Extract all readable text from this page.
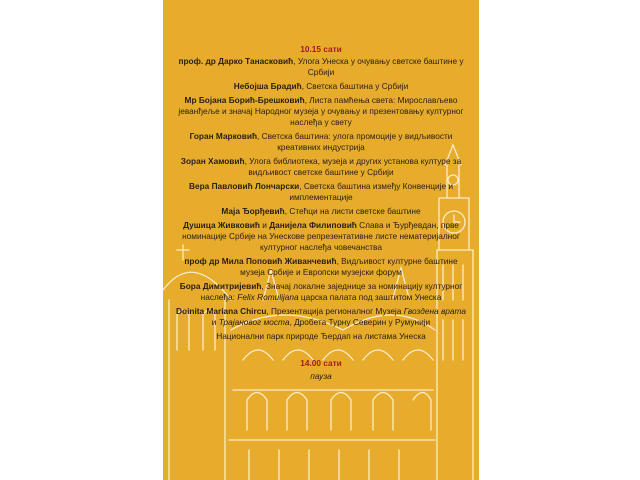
10.15 сати
проф. др Дарко Танасковић, Улога Унеска у очувању светске баштине у Србији
Небојша Брадић, Светска баштина у Србији
Мр Бојана Борић-Брешковић, Листа памћења света: Мирослављево јеванђеље и значај Народног музеја у очувању и презентовању културног наслеђа у свету
Горан Марковић, Светска баштина: улога промоције у видљивости креативних индустрија
Зоран Хамовић, Улога библиотека, музеја и других установа културе за видљивост светске баштине у Србији
Вера Павловић Лончарски, Светска баштина између Конвенције и имплементације
Маја Ђорђевић, Стећци на листи светске баштине
Душица Живковић и Данијела Филиповић Слава и Ђурђевдан, прве номинације Србије на Унескове репрезентативне листе нематеријалног културног наслеђа човечанства
проф др Мила Поповић Живанчевић, Видљивост културне баштине музеја Србије и Европски музејски форум
Бора Димитријевић, Значај локалне заједнице за номинацију културног наслеђа: Felix Romulijana царска палата под заштитом Унеска
Doinita Mariana Chircu, Презентација регионалног Музеја Гвоздена врата и Трајановог моста, Дробета Турну Северин у Румунији
Национални парк природе Ђердап на листама Унеска
14.00 сати
пауза
